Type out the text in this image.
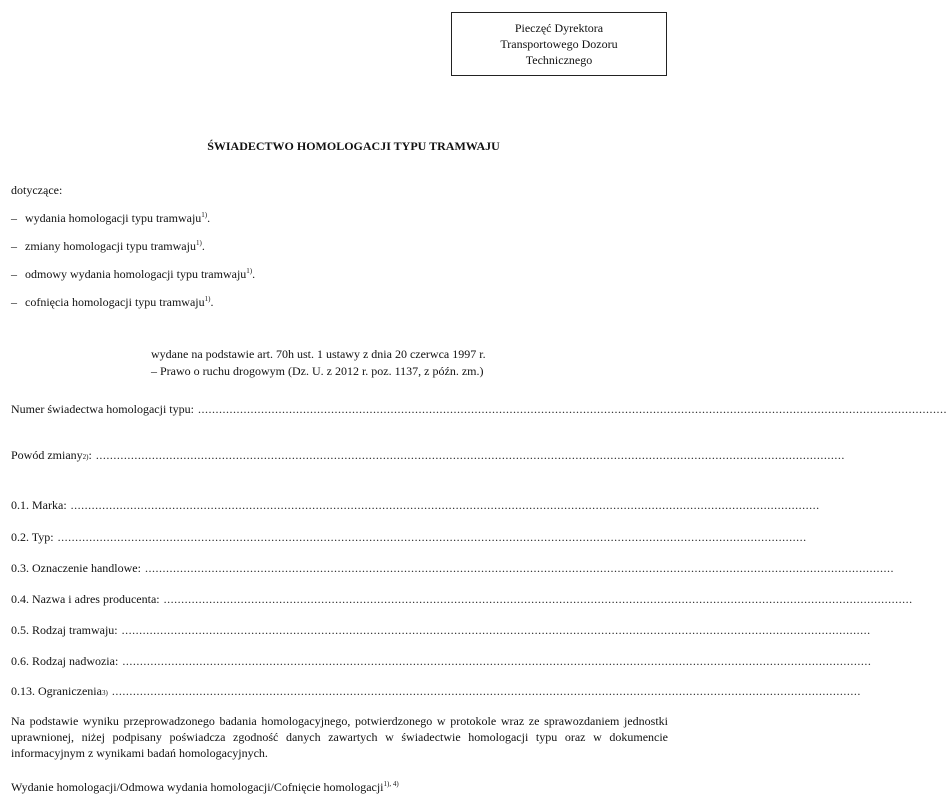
Pieczęć Dyrektora
Transportowego Dozoru
Technicznego
ŚWIADECTWO HOMOLOGACJI TYPU TRAMWAJU
dotyczące:
– wydania homologacji typu tramwaju$^{1)}$.
– zmiany homologacji typu tramwaju$^{1)}$.
– odmowy wydania homologacji typu tramwaju$^{1)}$.
– cofnięcia homologacji typu tramwaju$^{1)}$.
wydane na podstawie art. 70h ust. 1 ustawy z dnia 20 czerwca 1997 r.
– Prawo o ruchu drogowym (Dz. U. z 2012 r. poz. 1137, z późn. zm.)
Numer świadectwa homologacji typu: ......................................................................................................................................................................................................................
Powód zmiany 2) : ......................................................................................................................................................................................................................
0.1. Marka: ......................................................................................................................................................................................................................
0.2. Typ: ......................................................................................................................................................................................................................
0.3. Oznaczenie handlowe: ......................................................................................................................................................................................................................
0.4. Nazwa i adres producenta: ......................................................................................................................................................................................................................
0.5. Rodzaj tramwaju: ......................................................................................................................................................................................................................
0.6. Rodzaj nadwozia: ......................................................................................................................................................................................................................
0.13. Ograniczenia 3) ......................................................................................................................................................................................................................
Na podstawie wyniku przeprowadzonego badania homologacyjnego, potwierdzonego w protokole wraz ze sprawozdaniem jednostki uprawnionej, niżej podpisany poświadcza zgodność danych zawartych w świadectwie homologacji typu oraz w dokumencie informacyjnym z wynikami badań homologacyjnych.
Wydanie homologacji/Odmowa wydania homologacji/Cofnięcie homologacji$^{1), 4)}$
